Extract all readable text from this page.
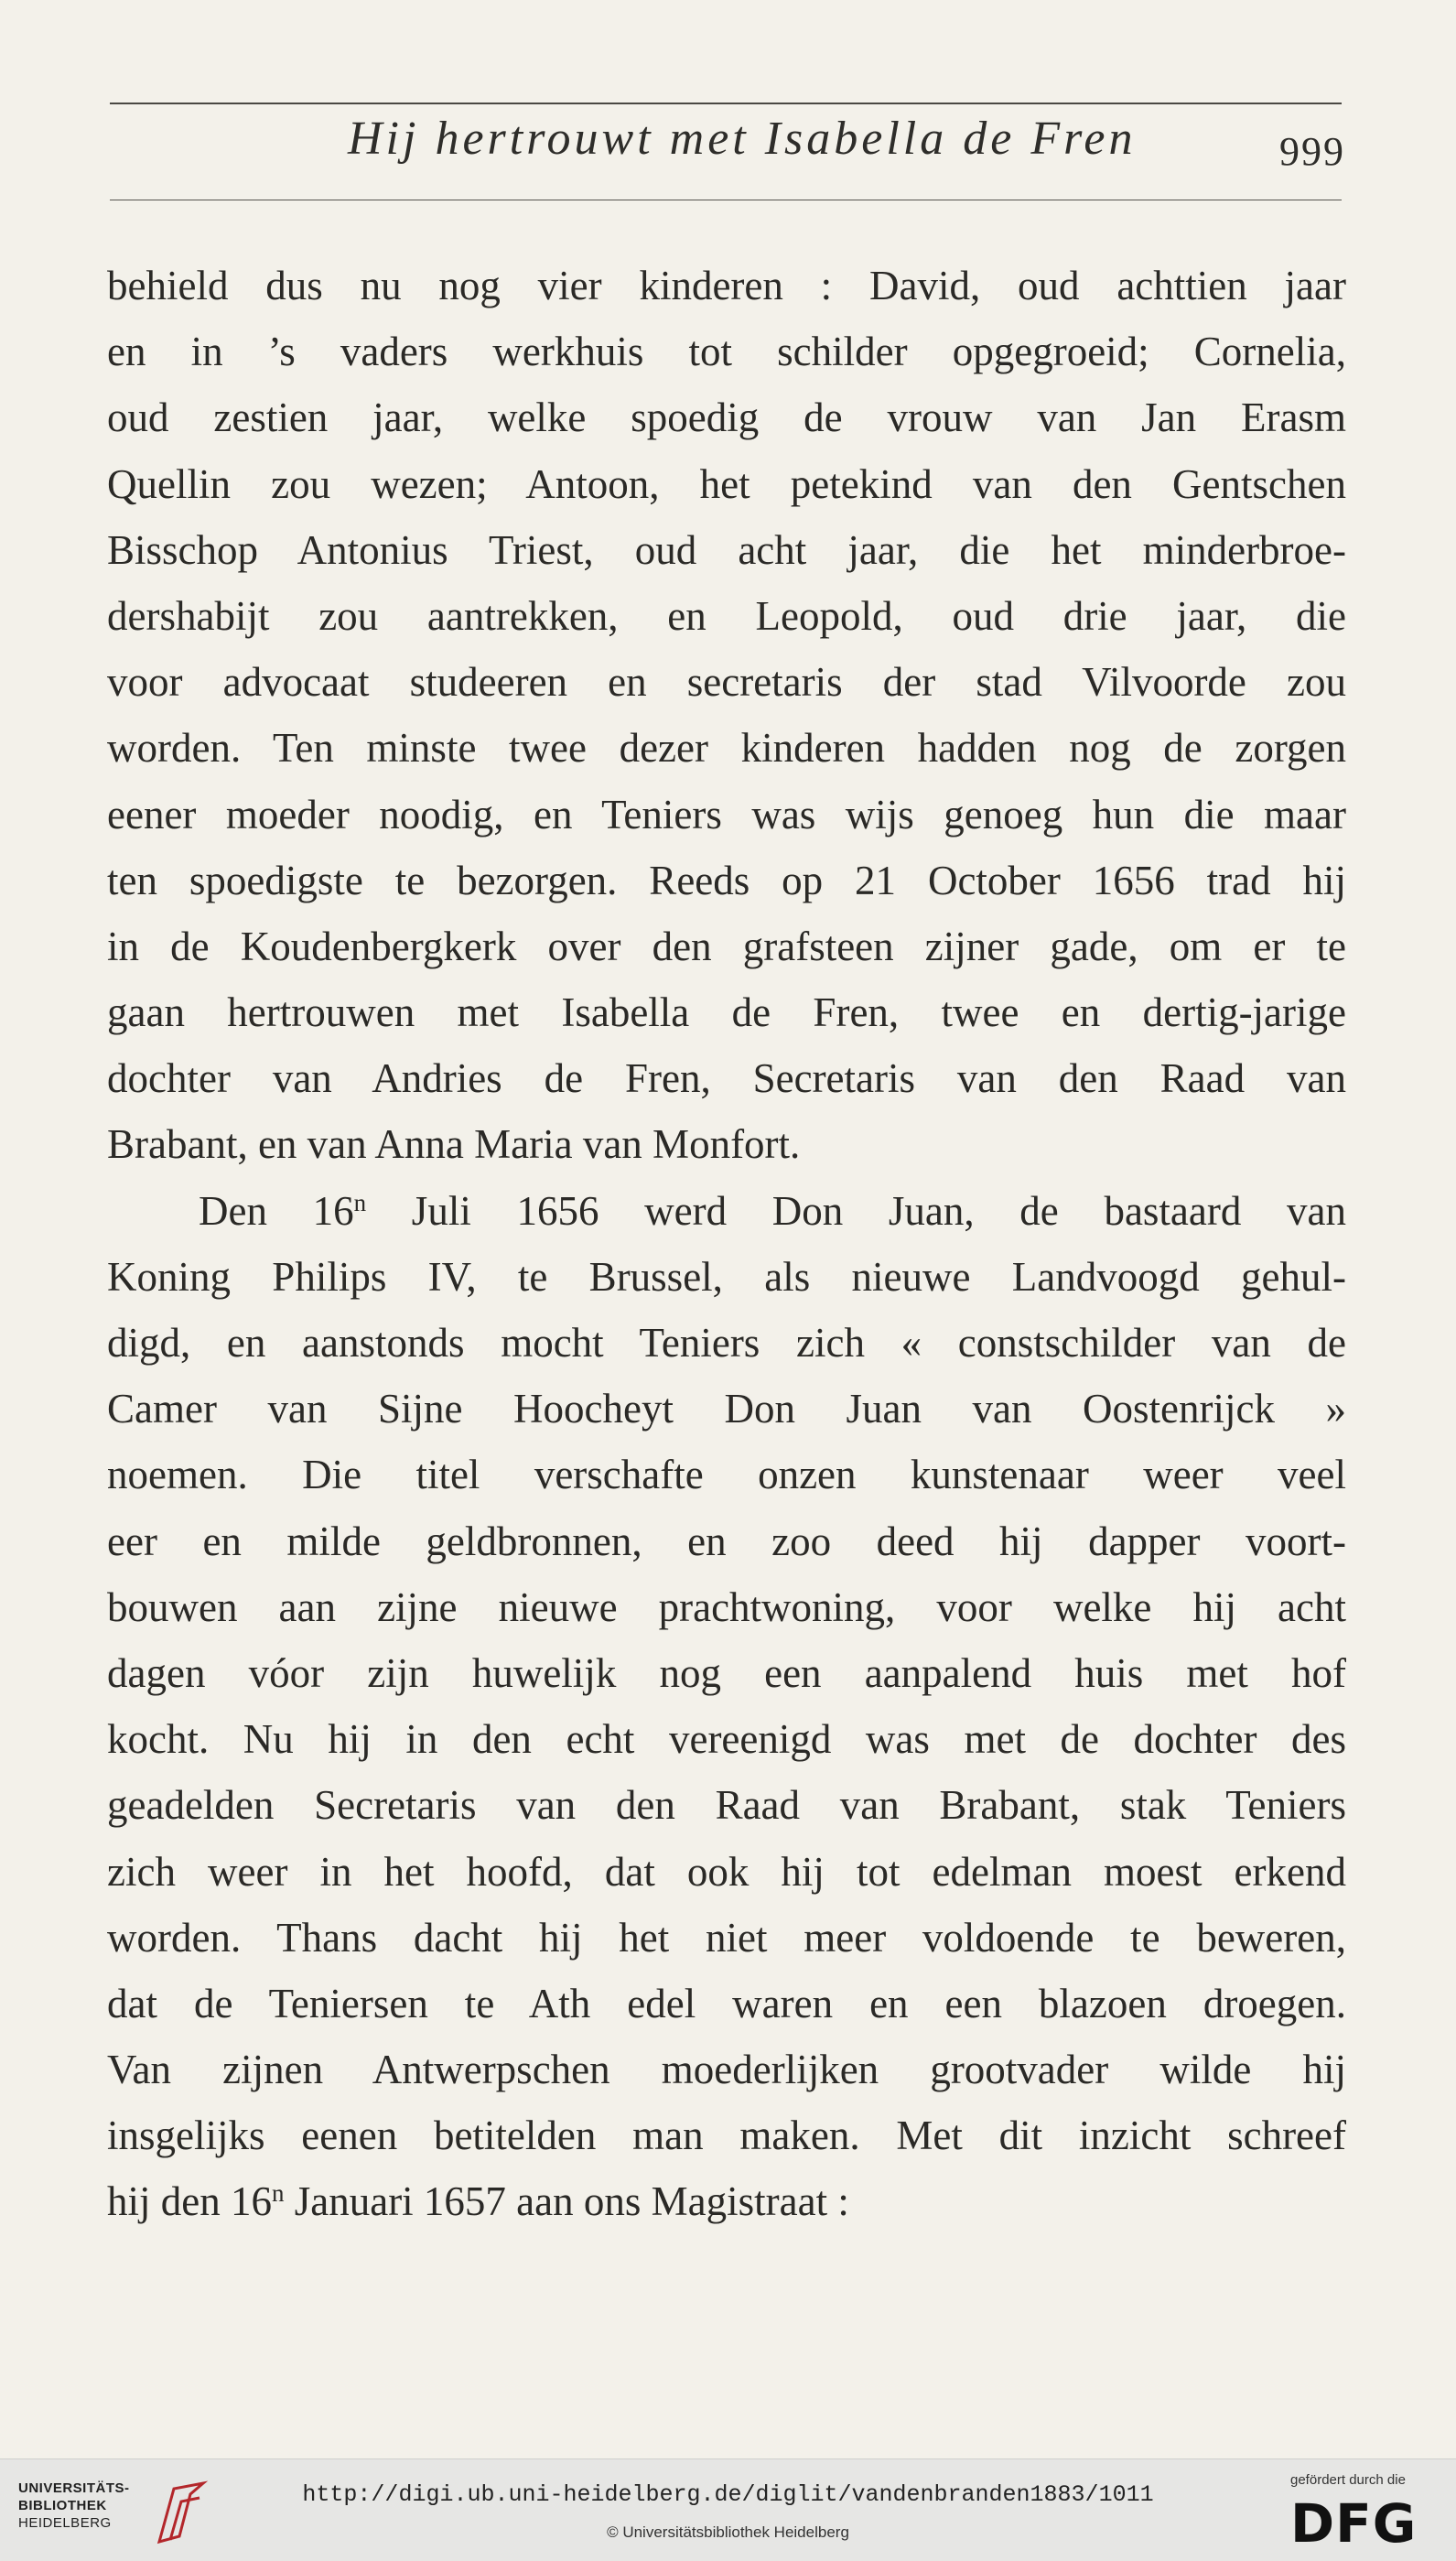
Hij hertrouwt met Isabella de Fren	999
behield dus nu nog vier kinderen : David, oud achttien jaar
en in ’s vaders werkhuis tot schilder opgegroeid; Cornelia,
oud zestien jaar, welke spoedig de vrouw van Jan Erasm
Quellin zou wezen; Antoon, het petekind van den Gentschen
Bisschop Antonius Triest, oud acht jaar, die het minderbroe-
dershabijt zou aantrekken, en Leopold, oud drie jaar, die
voor advocaat studeeren en secretaris der stad Vilvoorde zou
worden. Ten minste twee dezer kinderen hadden nog de zorgen
eener moeder noodig, en Teniers was wijs genoeg hun die maar
ten spoedigste te bezorgen. Reeds op 21 October 1656 trad hij
in de Koudenbergkerk over den grafsteen zijner gade, om er te
gaan hertrouwen met Isabella de Fren, twee en dertig-jarige
dochter van Andries de Fren, Secretaris van den Raad van
Brabant, en van Anna Maria van Monfort.
Den 16$^n$ Juli 1656 werd Don Juan, de bastaard van
Koning Philips IV, te Brussel, als nieuwe Landvoogd gehul-
digd, en aanstonds mocht Teniers zich « constschilder van de
Camer van Sijne Hoocheyt Don Juan van Oostenrijck »
noemen. Die titel verschafte onzen kunstenaar weer veel
eer en milde geldbronnen, en zoo deed hij dapper voort-
bouwen aan zijne nieuwe prachtwoning, voor welke hij acht
dagen vóor zijn huwelijk nog een aanpalend huis met hof
kocht. Nu hij in den echt vereenigd was met de dochter des
geadelden Secretaris van den Raad van Brabant, stak Teniers
zich weer in het hoofd, dat ook hij tot edelman moest erkend
worden. Thans dacht hij het niet meer voldoende te beweren,
dat de Teniersen te Ath edel waren en een blazoen droegen.
Van zijnen Antwerpschen moederlijken grootvader wilde hij
insgelijks eenen betitelden man maken. Met dit inzicht schreef
hij den 16$^n$ Januari 1657 aan ons Magistraat :
UNIVERSITÄTS-
BIBLIOTHEK
HEIDELBERG
http://digi.ub.uni-heidelberg.de/diglit/vandenbranden1883/1011
© Universitätsbibliothek Heidelberg
gefördert durch die
DFG
